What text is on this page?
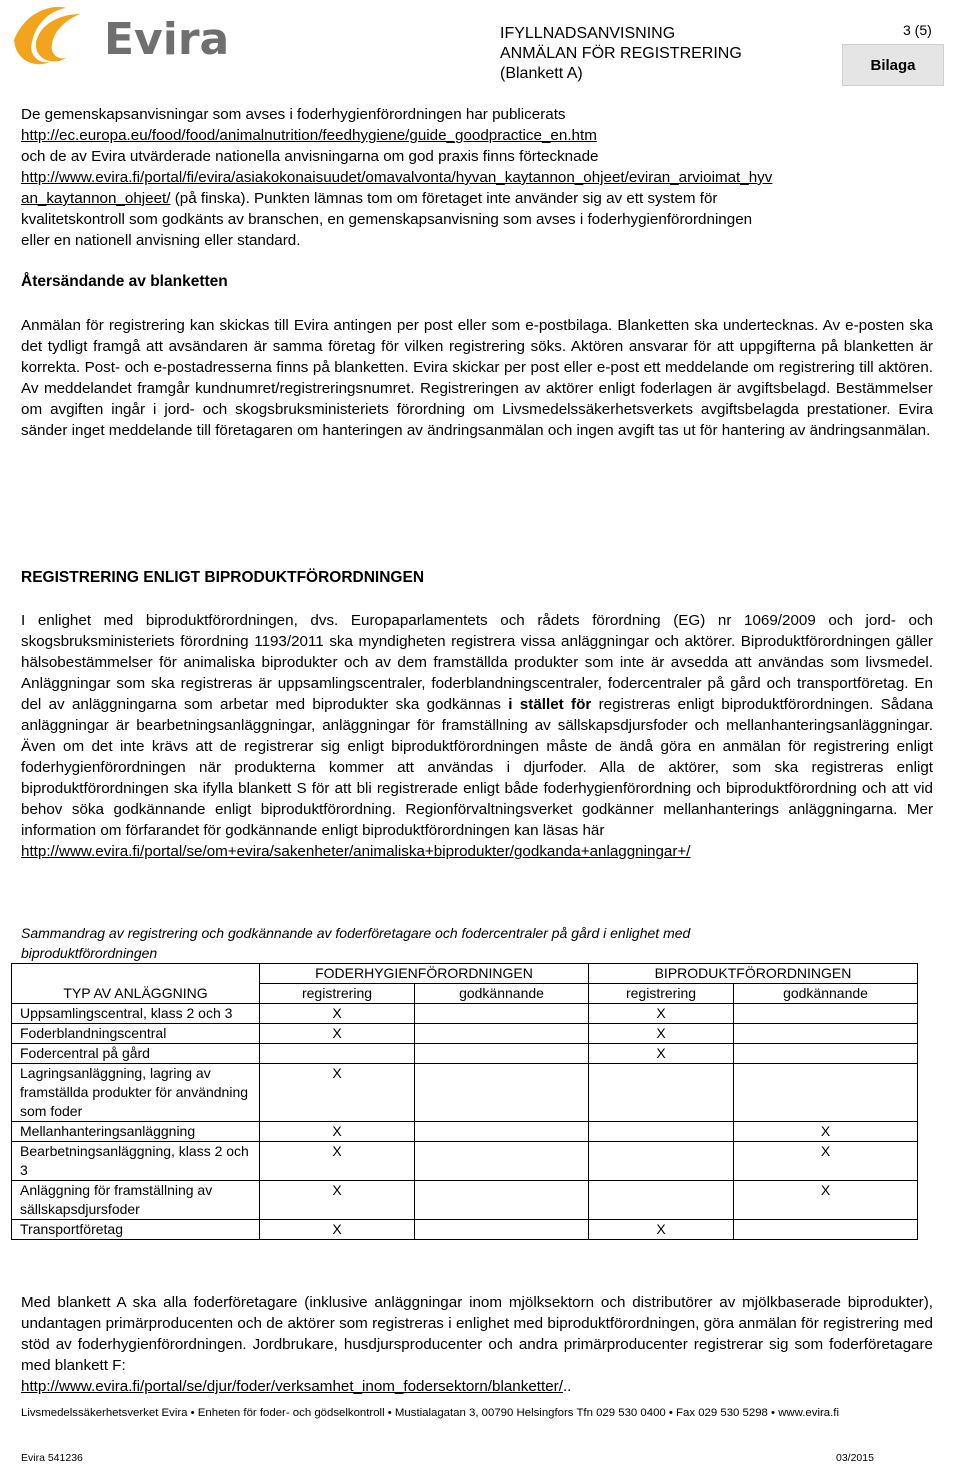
Evira	IFYLLNADSANVISNING
ANMÄLAN FÖR REGISTRERING
(Blankett A)
3 (5)
Bilaga
De gemenskapsanvisningar som avses i foderhygienförordningen har publicerats
http://ec.europa.eu/food/food/animalnutrition/feedhygiene/guide_goodpractice_en.htm
och de av Evira utvärderade nationella anvisningarna om god praxis finns förtecknade
http://www.evira.fi/portal/fi/evira/asiakokonaisuudet/omavalvonta/hyvan_kaytannon_ohjeet/eviran_arvioimat_hyv
an_kaytannon_ohjeet/ (på finska). Punkten lämnas tom om företaget inte använder sig av ett system för
kvalitetskontroll som godkänts av branschen, en gemenskapsanvisning som avses i foderhygienförordningen
eller en nationell anvisning eller standard.
Återsändande av blanketten
Anmälan för registrering kan skickas till Evira antingen per post eller som e-postbilaga. Blanketten ska undertecknas. Av e-posten ska det tydligt framgå att avsändaren är samma företag för vilken registrering söks. Aktören ansvarar för att uppgifterna på blanketten är korrekta. Post- och e-postadresserna finns på blanketten. Evira skickar per post eller e-post ett meddelande om registrering till aktören. Av meddelandet framgår kundnumret/registreringsnumret. Registreringen av aktörer enligt foderlagen är avgiftsbelagd. Bestämmelser om avgiften ingår i jord- och skogsbruksministeriets förordning om Livsmedelssäkerhetsverkets avgiftsbelagda prestationer. Evira sänder inget meddelande till företagaren om hanteringen av ändringsanmälan och ingen avgift tas ut för hantering av ändringsanmälan.
REGISTRERING ENLIGT BIPRODUKTFÖRORDNINGEN
I enlighet med biproduktförordningen, dvs. Europaparlamentets och rådets förordning (EG) nr 1069/2009 och jord- och skogsbruksministeriets förordning 1193/2011 ska myndigheten registrera vissa anläggningar och aktörer. Biproduktförordningen gäller hälsobestämmelser för animaliska biprodukter och av dem framställda produkter som inte är avsedda att användas som livsmedel. Anläggningar som ska registreras är uppsamlingscentraler, foderblandningscentraler, fodercentraler på gård och transportföretag. En del av anläggningarna som arbetar med biprodukter ska godkännas i stället för registreras enligt biproduktförordningen. Sådana anläggningar är bearbetningsanläggningar, anläggningar för framställning av sällskapsdjursfoder och mellanhanteringsanläggningar. Även om det inte krävs att de registrerar sig enligt biproduktförordningen måste de ändå göra en anmälan för registrering enligt foderhygienförordningen när produkterna kommer att användas i djurfoder. Alla de aktörer, som ska registreras enligt biproduktförordningen ska ifylla blankett S för att bli registrerade enligt både foderhygienförordning och biproduktförordning och att vid behov söka godkännande enligt biproduktförordning. Regionförvaltningsverket godkänner mellanhanterings anläggningarna. Mer information om förfarandet för godkännande enligt biproduktförordningen kan läsas här
http://www.evira.fi/portal/se/om+evira/sakenheter/animaliska+biprodukter/godkanda+anlaggningar+/
Sammandrag av registrering och godkännande av foderföretagare och fodercentraler på gård i enlighet med biproduktförordningen
	FODERHYGIENFÖRORDNINGEN		BIPRODUKTFÖRORDNINGEN	
TYP AV ANLÄGGNING	registrering	godkännande	registrering	godkännande
Uppsamlingscentral, klass 2 och 3	X		X	
Foderblandningscentral	X		X	
Fodercentral på gård			X	
Lagringsanläggning, lagring av framställda produkter för användning som foder	X			
Mellanhanteringsanläggning	X			X
Bearbetningsanläggning, klass 2 och 3	X			X
Anläggning för framställning av sällskapsdjursfoder	X			X
Transportföretag	X		X	
Med blankett A ska alla foderföretagare (inklusive anläggningar inom mjölksektorn och distributörer av mjölkbaserade biprodukter), undantagen primärproducenten och de aktörer som registreras i enlighet med biproduktförordningen, göra anmälan för registrering med stöd av foderhygienförordningen. Jordbrukare, husdjursproducenter och andra primärproducenter registrerar sig som foderföretagare med blankett F:
http://www.evira.fi/portal/se/djur/foder/verksamhet_inom_fodersektorn/blanketter/..
Livsmedelssäkerhetsverket Evira • Enheten för foder- och gödselkontroll • Mustialagatan 3, 00790 Helsingfors Tfn 029 530 0400 • Fax 029 530 5298 • www.evira.fi
Evira 541236	03/2015
